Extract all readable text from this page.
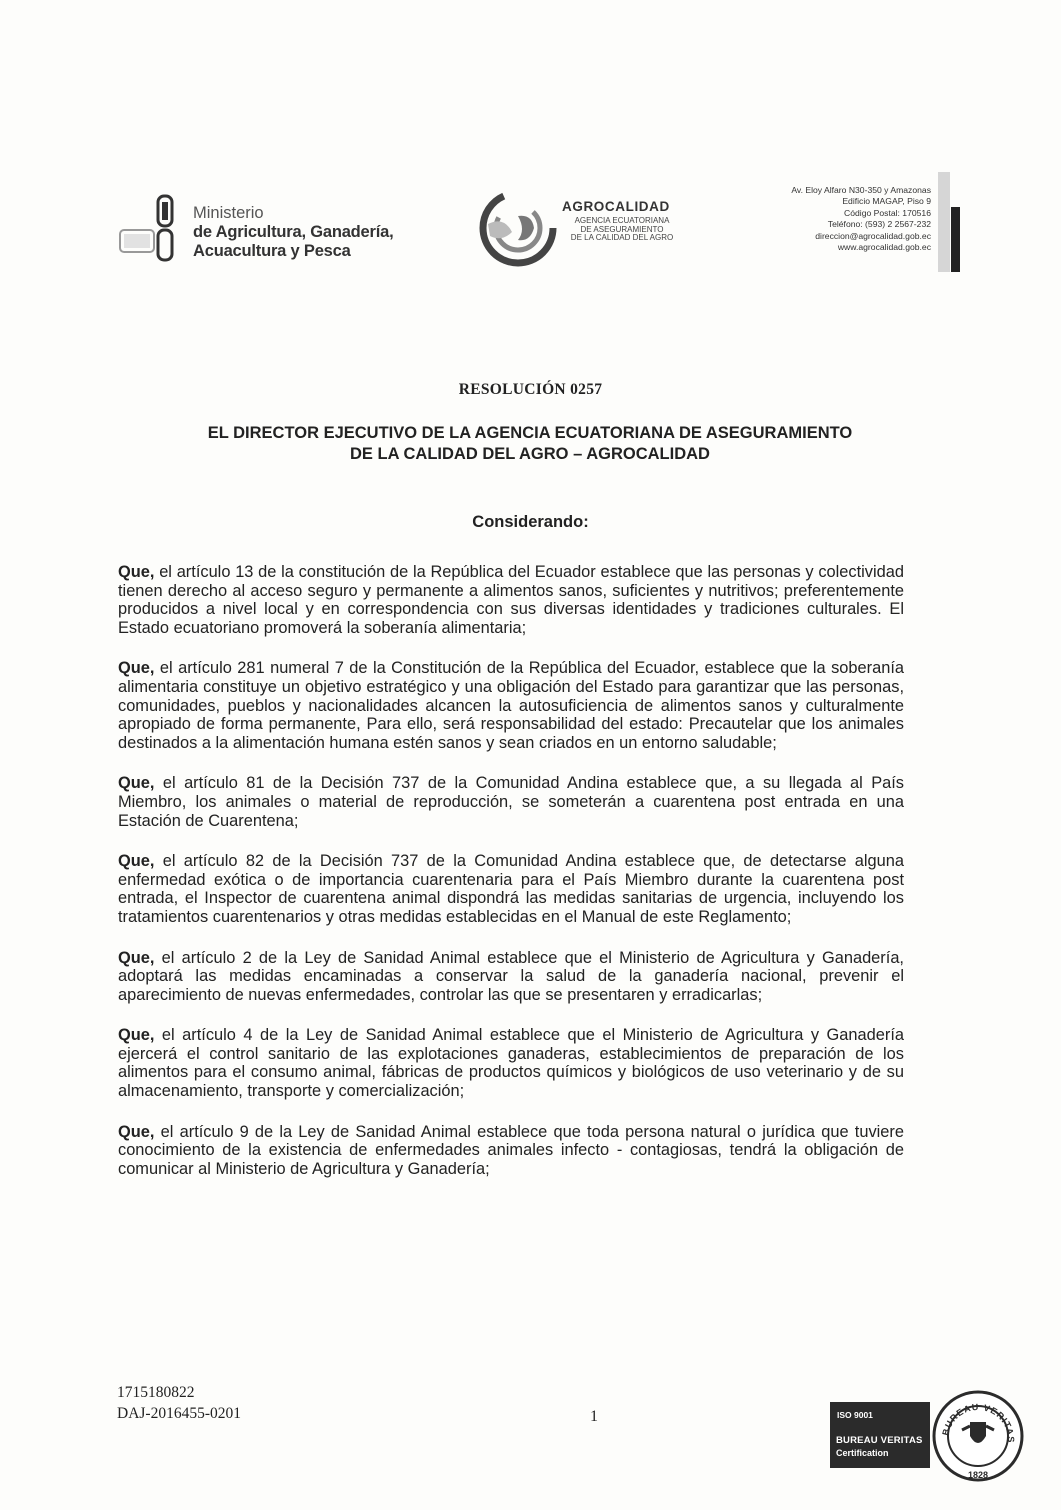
Ministerio
de Agricultura, Ganadería,
Acuacultura y Pesca
AGROCALIDAD
AGENCIA ECUATORIANA
DE ASEGURAMIENTO
DE LA CALIDAD DEL AGRO
Av. Eloy Alfaro N30-350 y Amazonas
Edificio MAGAP, Piso 9
Código Postal: 170516
Teléfono: (593) 2 2567-232
direccion@agrocalidad.gob.ec
www.agrocalidad.gob.ec
RESOLUCIÓN 0257
EL DIRECTOR EJECUTIVO DE LA AGENCIA ECUATORIANA DE ASEGURAMIENTO
DE LA CALIDAD DEL AGRO – AGROCALIDAD
Considerando:

Que, el artículo 13 de la constitución de la República del Ecuador establece que las personas y colectividad tienen derecho al acceso seguro y permanente a alimentos sanos, suficientes y nutritivos; preferentemente producidos a nivel local y en correspondencia con sus diversas identidades y tradiciones culturales. El Estado ecuatoriano promoverá la soberanía alimentaria;

Que, el artículo 281 numeral 7 de la Constitución de la República del Ecuador, establece que la soberanía alimentaria constituye un objetivo estratégico y una obligación del Estado para garantizar que las personas, comunidades, pueblos y nacionalidades alcancen la autosuficiencia de alimentos sanos y culturalmente apropiado de forma permanente, Para ello, será responsabilidad del estado: Precautelar que los animales destinados a la alimentación humana estén sanos y sean criados en un entorno saludable;

Que, el artículo 81 de la Decisión 737 de la Comunidad Andina establece que, a su llegada al País Miembro, los animales o material de reproducción, se someterán a cuarentena post entrada en una Estación de Cuarentena;

Que, el artículo 82 de la Decisión 737 de la Comunidad Andina establece que, de detectarse alguna enfermedad exótica o de importancia cuarentenaria para el País Miembro durante la cuarentena post entrada, el Inspector de cuarentena animal dispondrá las medidas sanitarias de urgencia, incluyendo los tratamientos cuarentenarios y otras medidas establecidas en el Manual de este Reglamento;

Que, el artículo 2 de la Ley de Sanidad Animal establece que el Ministerio de Agricultura y Ganadería, adoptará las medidas encaminadas a conservar la salud de la ganadería nacional, prevenir el aparecimiento de nuevas enfermedades, controlar las que se presentaren y erradicarlas;

Que, el artículo 4 de la Ley de Sanidad Animal establece que el Ministerio de Agricultura y Ganadería ejercerá el control sanitario de las explotaciones ganaderas, establecimientos de preparación de los alimentos para el consumo animal, fábricas de productos químicos y biológicos de uso veterinario y de su almacenamiento, transporte y comercialización;

Que, el artículo 9 de la Ley de Sanidad Animal establece que toda persona natural o jurídica que tuviere conocimiento de la existencia de enfermedades animales infecto - contagiosas, tendrá la obligación de comunicar al Ministerio de Agricultura y Ganadería;

1715180822
DAJ-2016455-0201	1	ISO 9001
BUREAU VERITAS
Certification
BUREAU VERITAS
1828
